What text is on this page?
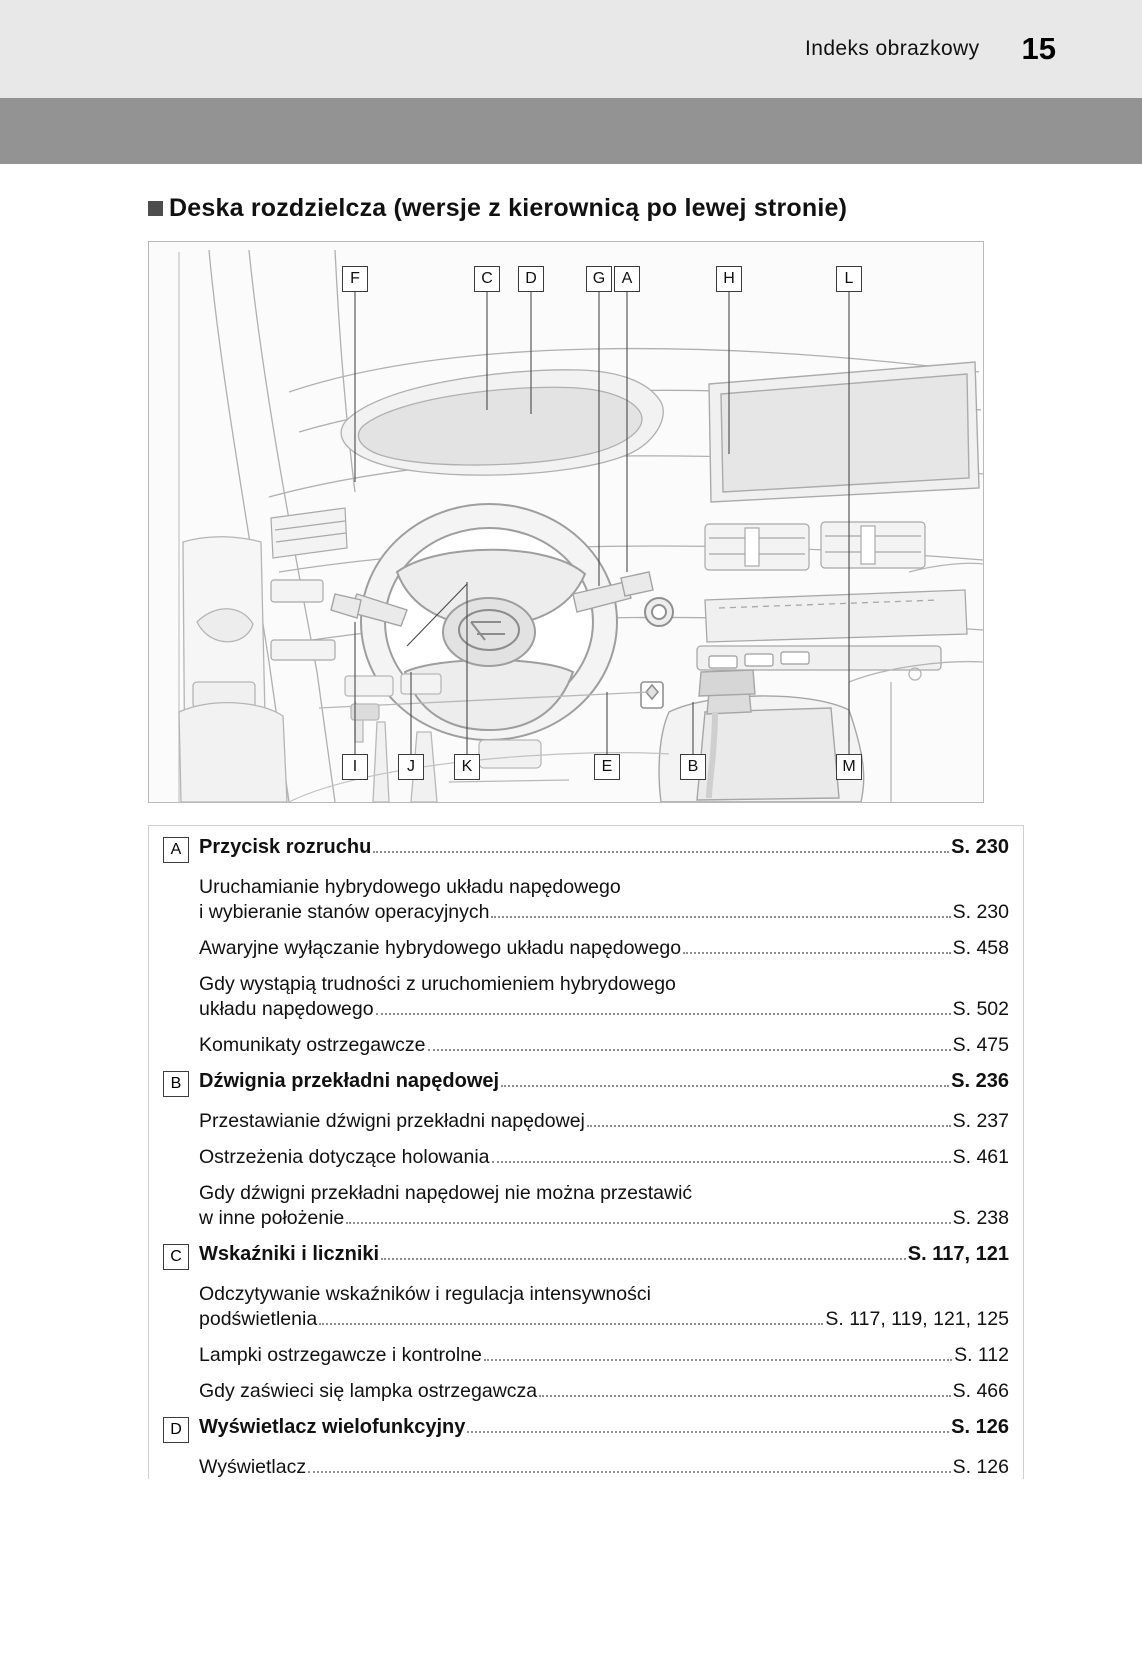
Indeks obrazkowy 15
Deska rozdzielcza (wersje z kierownicą po lewej stronie)
F	C	D	G	A	H	L
I	J	K	E	B	M
A Przycisk rozruchu	S. 230
Uruchamianie hybrydowego układu napędowego
i wybieranie stanów operacyjnych	S. 230
Awaryjne wyłączanie hybrydowego układu napędowego	S. 458
Gdy wystąpią trudności z uruchomieniem hybrydowego
układu napędowego	S. 502
Komunikaty ostrzegawcze	S. 475
B Dźwignia przekładni napędowej	S. 236
Przestawianie dźwigni przekładni napędowej	S. 237
Ostrzeżenia dotyczące holowania	S. 461
Gdy dźwigni przekładni napędowej nie można przestawić
w inne położenie	S. 238
C Wskaźniki i liczniki	S. 117, 121
Odczytywanie wskaźników i regulacja intensywności
podświetlenia	S. 117, 119, 121, 125
Lampki ostrzegawcze i kontrolne	S. 112
Gdy zaświeci się lampka ostrzegawcza	S. 466
D Wyświetlacz wielofunkcyjny	S. 126
Wyświetlacz	S. 126
